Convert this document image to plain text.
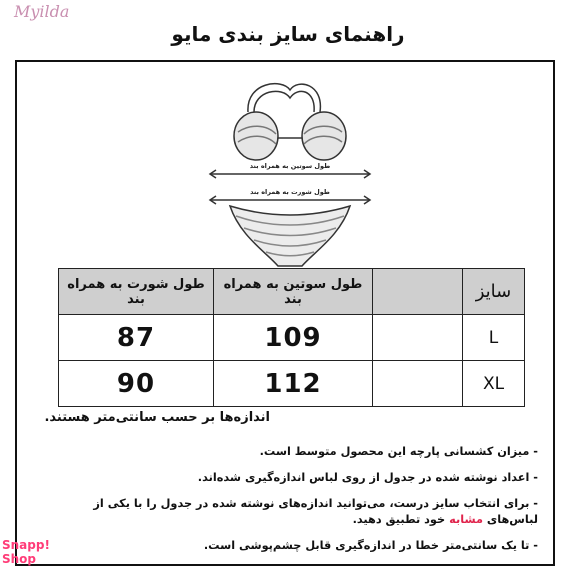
Myilda
راهنمای سایز بندی مایو
طول سوتین به همراه بند
طول شورت به همراه بند
سایز		طول سوتین به همراه بند	طول شورت به همراه بند
L		109	87
XL		112	90
اندازه‌ها بر حسب سانتی‌متر هستند.
- میزان کشسانی پارچه این محصول متوسط است.
- اعداد نوشته شده در جدول از روی لباس اندازه‌گیری شده‌اند.
- برای انتخاب سایز درست، می‌توانید اندازه‌های نوشته شده در جدول را با یکی از لباس‌های مشابه خود تطبیق دهید.
- تا یک سانتی‌متر خطا در اندازه‌گیری قابل چشم‌پوشی است.
Snapp!
Shop
